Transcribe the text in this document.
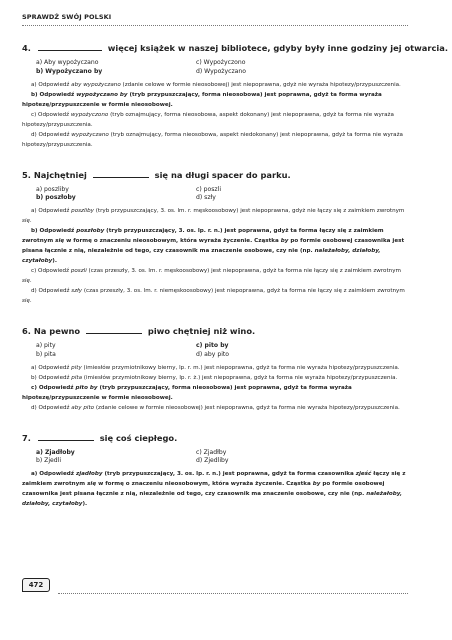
SPRAWDŹ SWÓJ POLSKI
4.	więcej książek w naszej bibliotece, gdyby były inne godziny jej otwarcia.
a) Aby wypożyczano	c) Wypożyczono
b) Wypożyczano by	d) Wypożyczano

a) Odpowiedź aby wypożyczano (zdanie celowe w formie nieosobowej) jest niepoprawna, gdyż nie wyraża hipotezy/przypuszczenia.

b) Odpowiedź wypożyczano by (tryb przypuszczający, forma nieosobowa) jest poprawna, gdyż ta forma wyraża hipotezę/przypuszczenie w formie nieosobowej.

c) Odpowiedź wypożyczono (tryb oznajmujący, forma nieosobowa, aspekt dokonany) jest niepoprawna, gdyż ta forma nie wyraża hipotezy/przypuszczenia.

d) Odpowiedź wypożyczano (tryb oznajmujący, forma nieosobowa, aspekt niedokonany) jest niepoprawna, gdyż ta forma nie wyraża hipotezy/przypuszczenia.

5. Najchętniej	się na długi spacer do parku.
a) poszliby	c) poszli
b) poszłoby	d) szły

a) Odpowiedź poszliby (tryb przypuszczający, 3. os. lm. r. męskoosobowy) jest niepoprawna, gdyż nie łączy się z zaimkiem zwrotnym się.

b) Odpowiedź poszłoby (tryb przypuszczający, 3. os. lp. r. n.) jest poprawna, gdyż ta forma łączy się z zaimkiem zwrotnym się w formę o znaczeniu nieosobowym, która wyraża życzenie. Cząstka by po formie osobowej czasownika jest pisana łącznie z nią, niezależnie od tego, czy czasownik ma znaczenie osobowe, czy nie (np. należałoby, działoby, czytałoby).

c) Odpowiedź poszli (czas przeszły, 3. os. lm. r. męskoosobowy) jest niepoprawna, gdyż ta forma nie łączy się z zaimkiem zwrotnym się.

d) Odpowiedź szły (czas przeszły, 3. os. lm. r. niemęskoosobowy) jest niepoprawna, gdyż ta forma nie łączy się z zaimkiem zwrotnym się.

6. Na pewno	piwo chętniej niż wino.
a) pity	c) pito by
b) pita	d) aby pito

a) Odpowiedź pity (imiesłów przymiotnikowy bierny, lp. r. m.) jest niepoprawna, gdyż ta forma nie wyraża hipotezy/przypuszczenia.

b) Odpowiedź pita (imiesłów przymiotnikowy bierny, lp. r. ż.) jest niepoprawna, gdyż ta forma nie wyraża hipotezy/przypuszczenia.

c) Odpowiedź pito by (tryb przypuszczający, forma nieosobowa) jest poprawna, gdyż ta forma wyraża hipotezę/przypuszczenie w formie nieosobowej.

d) Odpowiedź aby pito (zdanie celowe w formie nieosobowej) jest niepoprawna, gdyż ta forma nie wyraża hipotezy/przypuszczenia.

7.	się coś ciepłego.
a) Zjadłoby	c) Zjadłby
b) Zjedli	d) Zjedliby

a) Odpowiedź zjadłoby (tryb przypuszczający, 3. os. lp. r. n.) jest poprawna, gdyż ta forma czasownika zjeść łączy się z zaimkiem zwrotnym się w formę o znaczeniu nieosobowym, która wyraża życzenie. Cząstka by po formie osobowej czasownika jest pisana łącznie z nią, niezależnie od tego, czy czasownik ma znaczenie osobowe, czy nie (np. należałoby, działoby, czytałoby).

472
